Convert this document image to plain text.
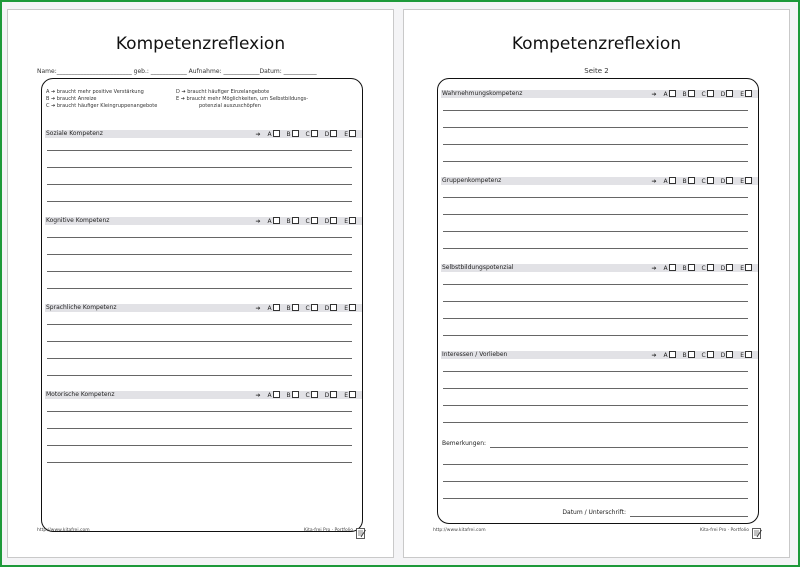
Kompetenzreflexion
Name:_________________________ geb.: ____________ Aufnahme: ____________Datum: ___________
A ➔ braucht mehr positive Verstärkung
B ➔ braucht Anreize
C ➔ braucht häufiger Kleingruppenangebote
D ➔ braucht häufiger Einzelangebote
E ➔ braucht mehr Möglichkeiten, um Selbstbildungs-
potenzial auszuschöpfen
Soziale Kompetenz	➔ A B C D E
Kognitive Kompetenz	➔ A B C D E
Sprachliche Kompetenz	➔ A B C D E
Motorische Kompetenz	➔ A B C D E
http://www.kitafrei.com	Kita-frei Pro · Portfolio
Kompetenzreflexion
Seite 2
Wahrnehmungskompetenz	➔ A B C D E
Gruppenkompetenz	➔ A B C D E
Selbstbildungspotenzial	➔ A B C D E
Interessen / Vorlieben	➔ A B C D E
Bemerkungen:
Datum / Unterschrift:
http://www.kitafrei.com	Kita-frei Pro · Portfolio
